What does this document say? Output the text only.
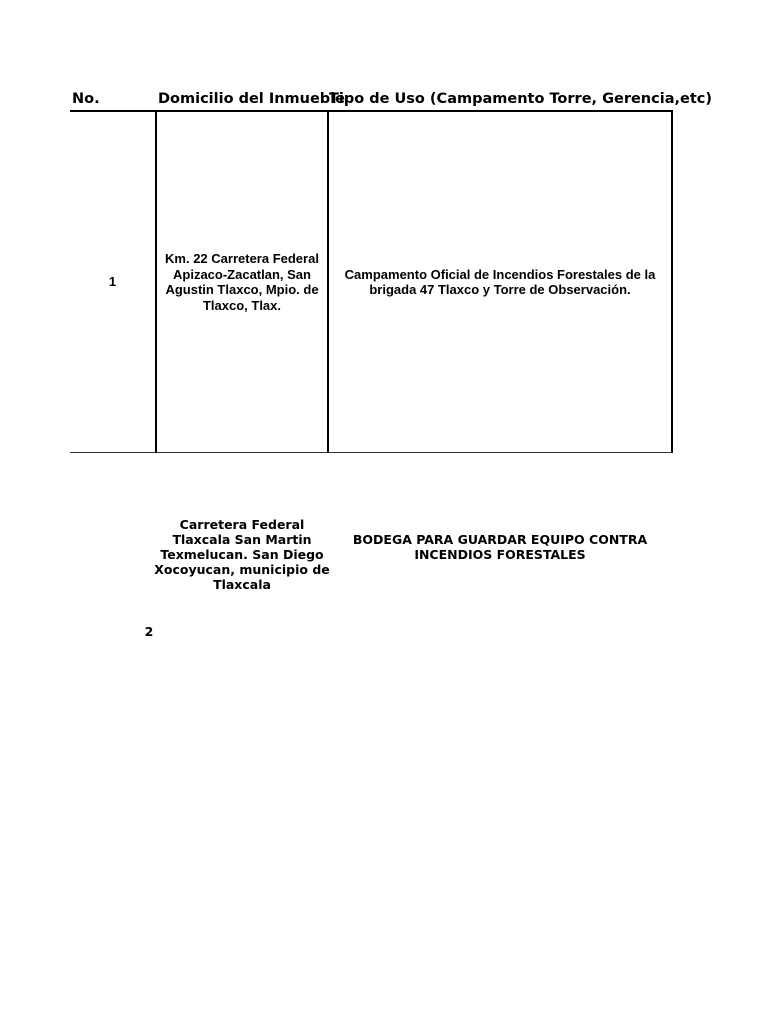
No.	Domicilio del Inmueble
Tipo de Uso (Campamento Torre, Gerencia,etc)
1
Km. 22 Carretera Federal Apizaco-Zacatlan, San Agustin Tlaxco, Mpio. de Tlaxco, Tlax.
Campamento Oficial de Incendios Forestales de la brigada 47 Tlaxco y Torre de Observación.
Carretera Federal Tlaxcala San Martin Texmelucan. San Diego Xocoyucan, municipio de Tlaxcala
BODEGA PARA GUARDAR EQUIPO CONTRA INCENDIOS FORESTALES
2
